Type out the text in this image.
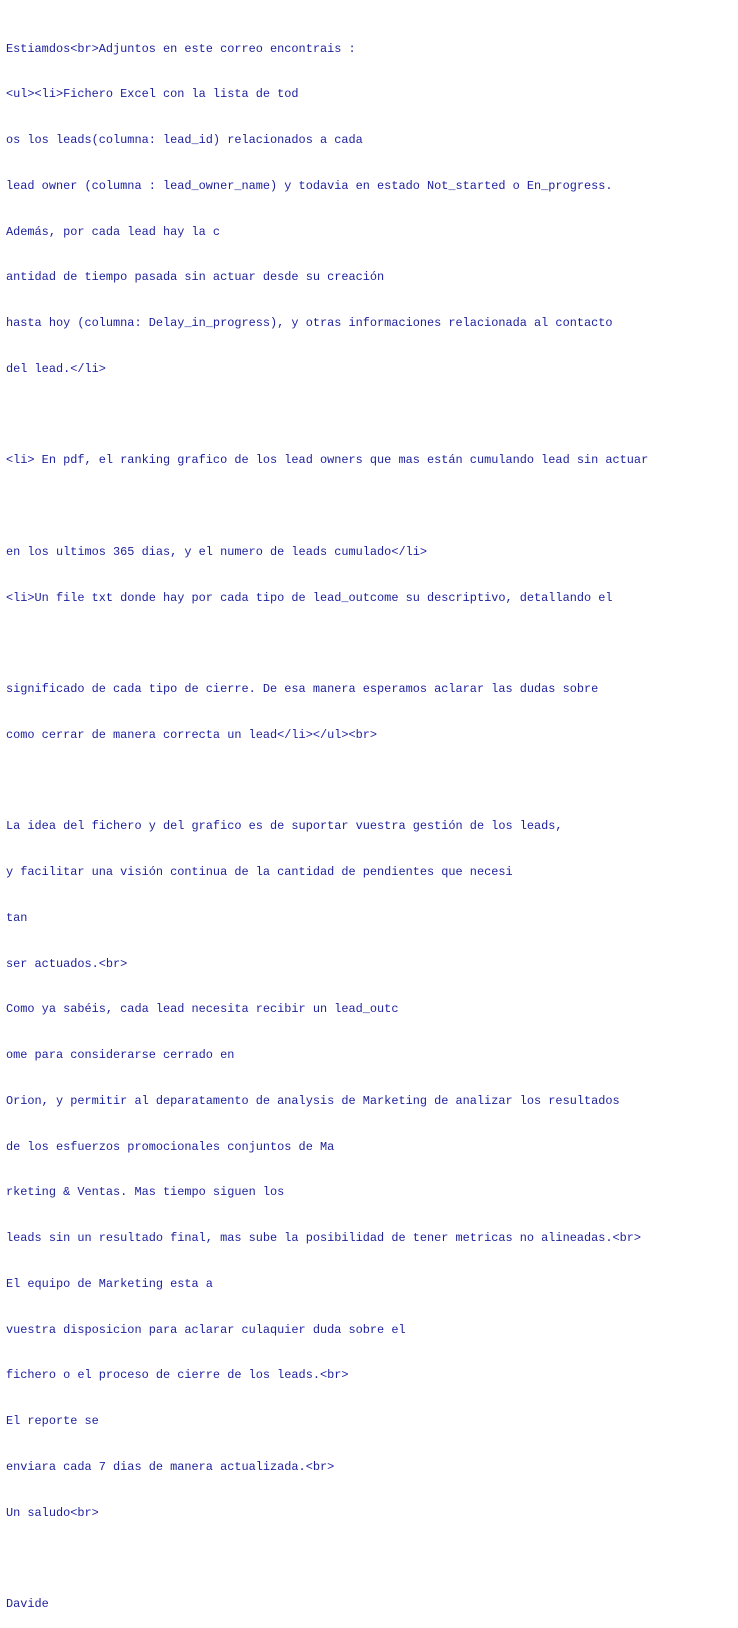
Estiamdos<br>Adjuntos en este correo encontrais :

<ul><li>Fichero Excel con la lista de tod

os los leads(columna: lead_id) relacionados a cada

lead owner (columna : lead_owner_name) y todavia en estado Not_started o En_progress.

Además, por cada lead hay la c

antidad de tiempo pasada sin actuar desde su creación

hasta hoy (columna: Delay_in_progress), y otras informaciones relacionada al contacto

del lead.</li>

<li> En pdf, el ranking grafico de los lead owners que mas están cumulando lead sin actuar

en los ultimos 365 dias, y el numero de leads cumulado</li>

<li>Un file txt donde hay por cada tipo de lead_outcome su descriptivo, detallando el

significado de cada tipo de cierre. De esa manera esperamos aclarar las dudas sobre

como cerrar de manera correcta un lead</li></ul><br>

La idea del fichero y del grafico es de suportar vuestra gestión de los leads,

y facilitar una visión continua de la cantidad de pendientes que necesi

tan

ser actuados.<br>

Como ya sabéis, cada lead necesita recibir un lead_outc

ome para considerarse cerrado en

Orion, y permitir al deparatamento de analysis de Marketing de analizar los resultados

de los esfuerzos promocionales conjuntos de Ma

rketing & Ventas. Mas tiempo siguen los

leads sin un resultado final, mas sube la posibilidad de tener metricas no alineadas.<br>

El equipo de Marketing esta a

vuestra disposicion para aclarar culaquier duda sobre el

fichero o el proceso de cierre de los leads.<br>

El reporte se

enviara cada 7 dias de manera actualizada.<br>

Un saludo<br>

Davide
